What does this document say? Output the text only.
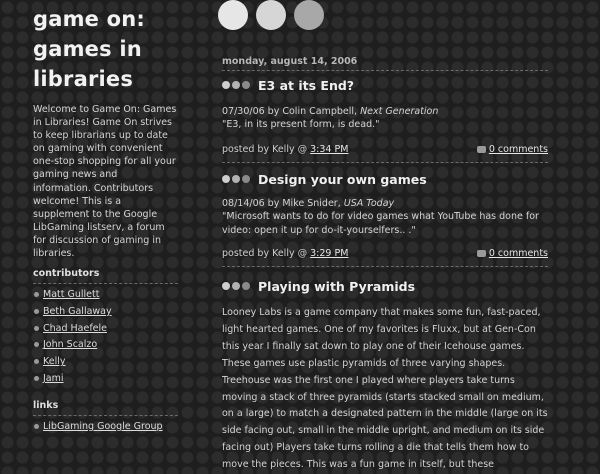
game on:
games in
libraries
Welcome to Game On: Games in Libraries! Game On strives to keep librarians up to date on gaming with convenient one-stop shopping for all your gaming news and information. Contributors welcome! This is a supplement to the Google LibGaming listserv, a forum for discussion of gaming in libraries.
contributors
Matt Gullett
Beth Gallaway
Chad Haefele
John Scalzo
Kelly
Jami
links
LibGaming Google Group
monday, august 14, 2006
E3 at its End?

07/30/06 by Colin Campbell, Next Generation

"E3, in its present form, is dead."

posted by Kelly @ 3:34 PM	0 comments
Design your own games

08/14/06 by Mike Snider, USA Today

"Microsoft wants to do for video games what YouTube has done for video: open it up for do-it-yourselfers.. ."

posted by Kelly @ 3:29 PM	0 comments
Playing with Pyramids
Looney Labs is a game company that makes some fun, fast-paced, light hearted games. One of my favorites is Fluxx, but at Gen-Con this year I finally sat down to play one of their Icehouse games. These games use plastic pyramids of three varying shapes. Treehouse was the first one I played where players take turns moving a stack of three pyramids (starts stacked small on medium, on a large) to match a designated pattern in the middle (large on its side facing out, small in the middle upright, and medium on its side facing out) Players take turns rolling a die that tells them how to move the pieces. This was a fun game in itself, but these
